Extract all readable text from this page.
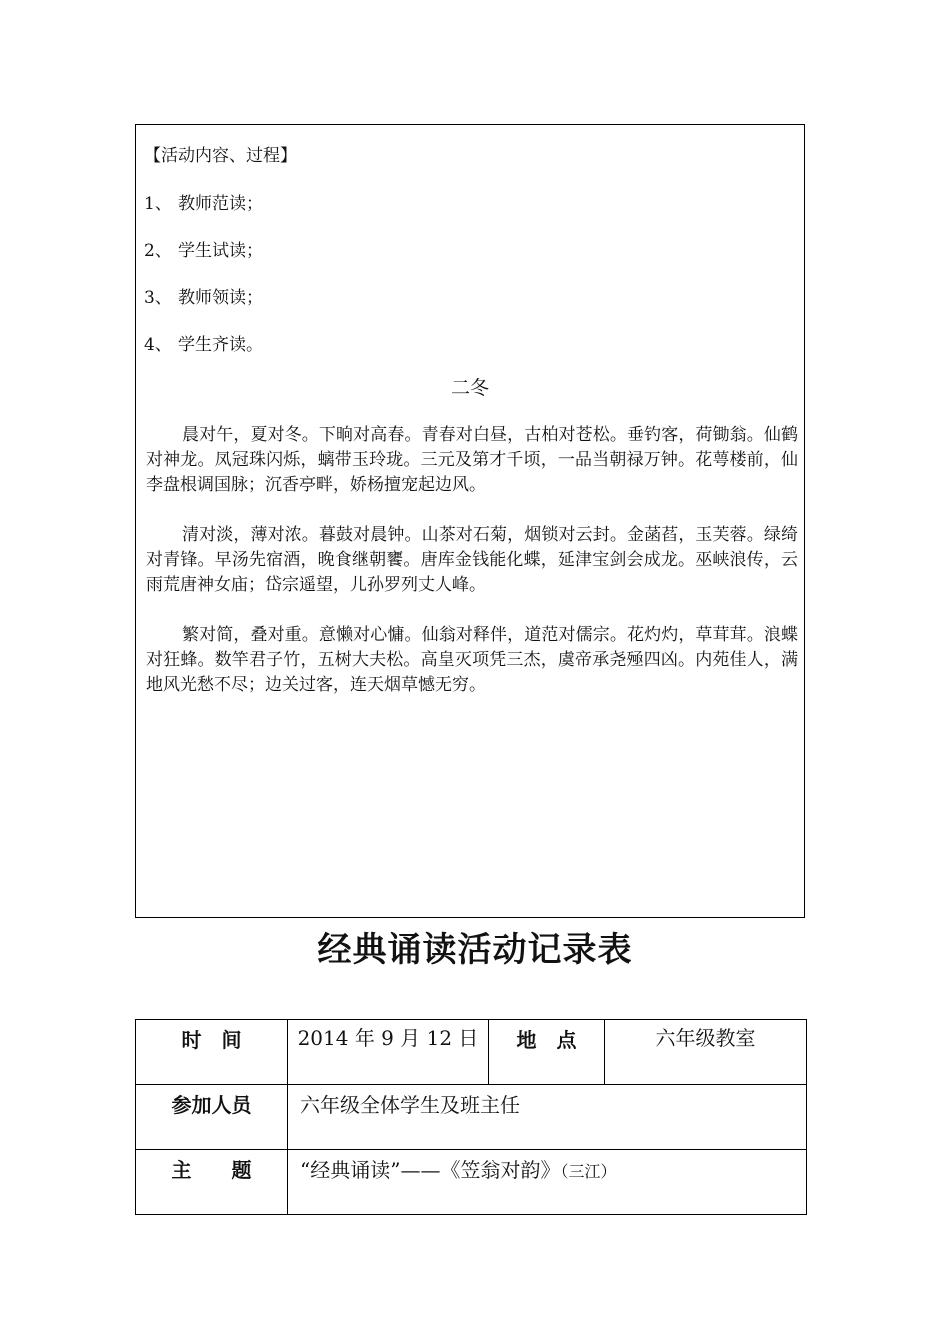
【活动内容、过程】
1、 教师范读；
2、 学生试读；
3、 教师领读；
4、 学生齐读。
二冬
晨对午，夏对冬。下晌对高春。青春对白昼，古柏对苍松。垂钓客，荷锄翁。仙鹤对神龙。凤冠珠闪烁，螭带玉玲珑。三元及第才千顷，一品当朝禄万钟。花萼楼前，仙李盘根调国脉；沉香亭畔，娇杨擅宠起边风。
清对淡，薄对浓。暮鼓对晨钟。山茶对石菊，烟锁对云封。金菡萏，玉芙蓉。绿绮对青锋。早汤先宿酒，晚食继朝饔。唐库金钱能化蝶，延津宝剑会成龙。巫峡浪传，云雨荒唐神女庙；岱宗遥望，儿孙罗列丈人峰。
繁对简，叠对重。意懒对心慵。仙翁对释伴，道范对儒宗。花灼灼，草茸茸。浪蝶对狂蜂。数竿君子竹，五树大夫松。高皇灭项凭三杰，虞帝承尧殛四凶。内苑佳人，满地风光愁不尽；边关过客，连天烟草憾无穷。
经典诵读活动记录表
时　间	2014 年 9 月 12 日	地　点	六年级教室
参加人员	六年级全体学生及班主任		
主　　题	“经典诵读”——《笠翁对韵》（三江）		
